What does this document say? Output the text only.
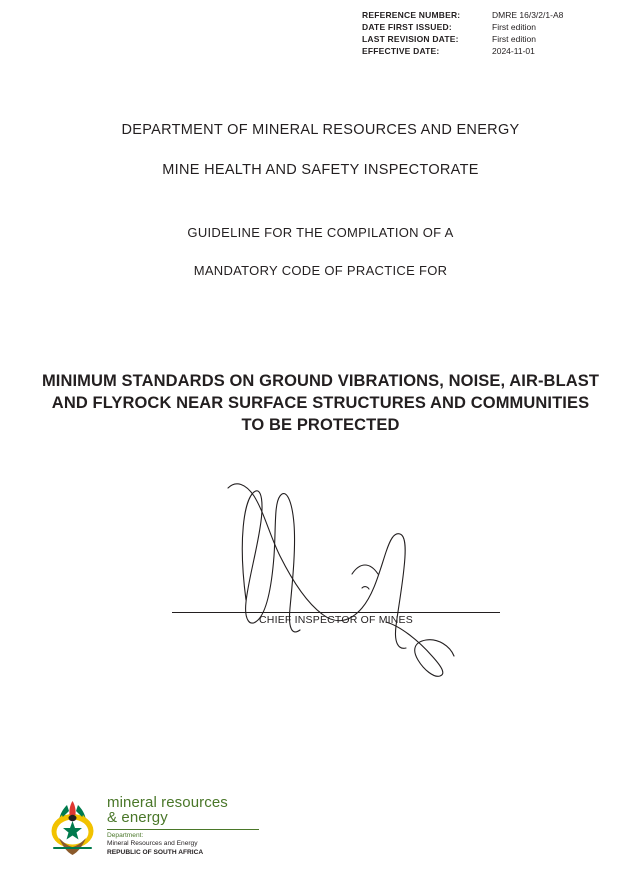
REFERENCE NUMBER:	DMRE 16/3/2/1-A8
DATE FIRST ISSUED:	First edition
LAST REVISION DATE:	First edition
EFFECTIVE DATE:	2024-11-01
DEPARTMENT OF MINERAL RESOURCES AND ENERGY
MINE HEALTH AND SAFETY INSPECTORATE
GUIDELINE FOR THE COMPILATION OF A
MANDATORY CODE OF PRACTICE FOR
MINIMUM STANDARDS ON GROUND VIBRATIONS, NOISE, AIR-BLAST AND FLYROCK NEAR SURFACE STRUCTURES AND COMMUNITIES TO BE PROTECTED
CHIEF INSPECTOR OF MINES
mineral resources
& energy
Department:
Mineral Resources and Energy
REPUBLIC OF SOUTH AFRICA
